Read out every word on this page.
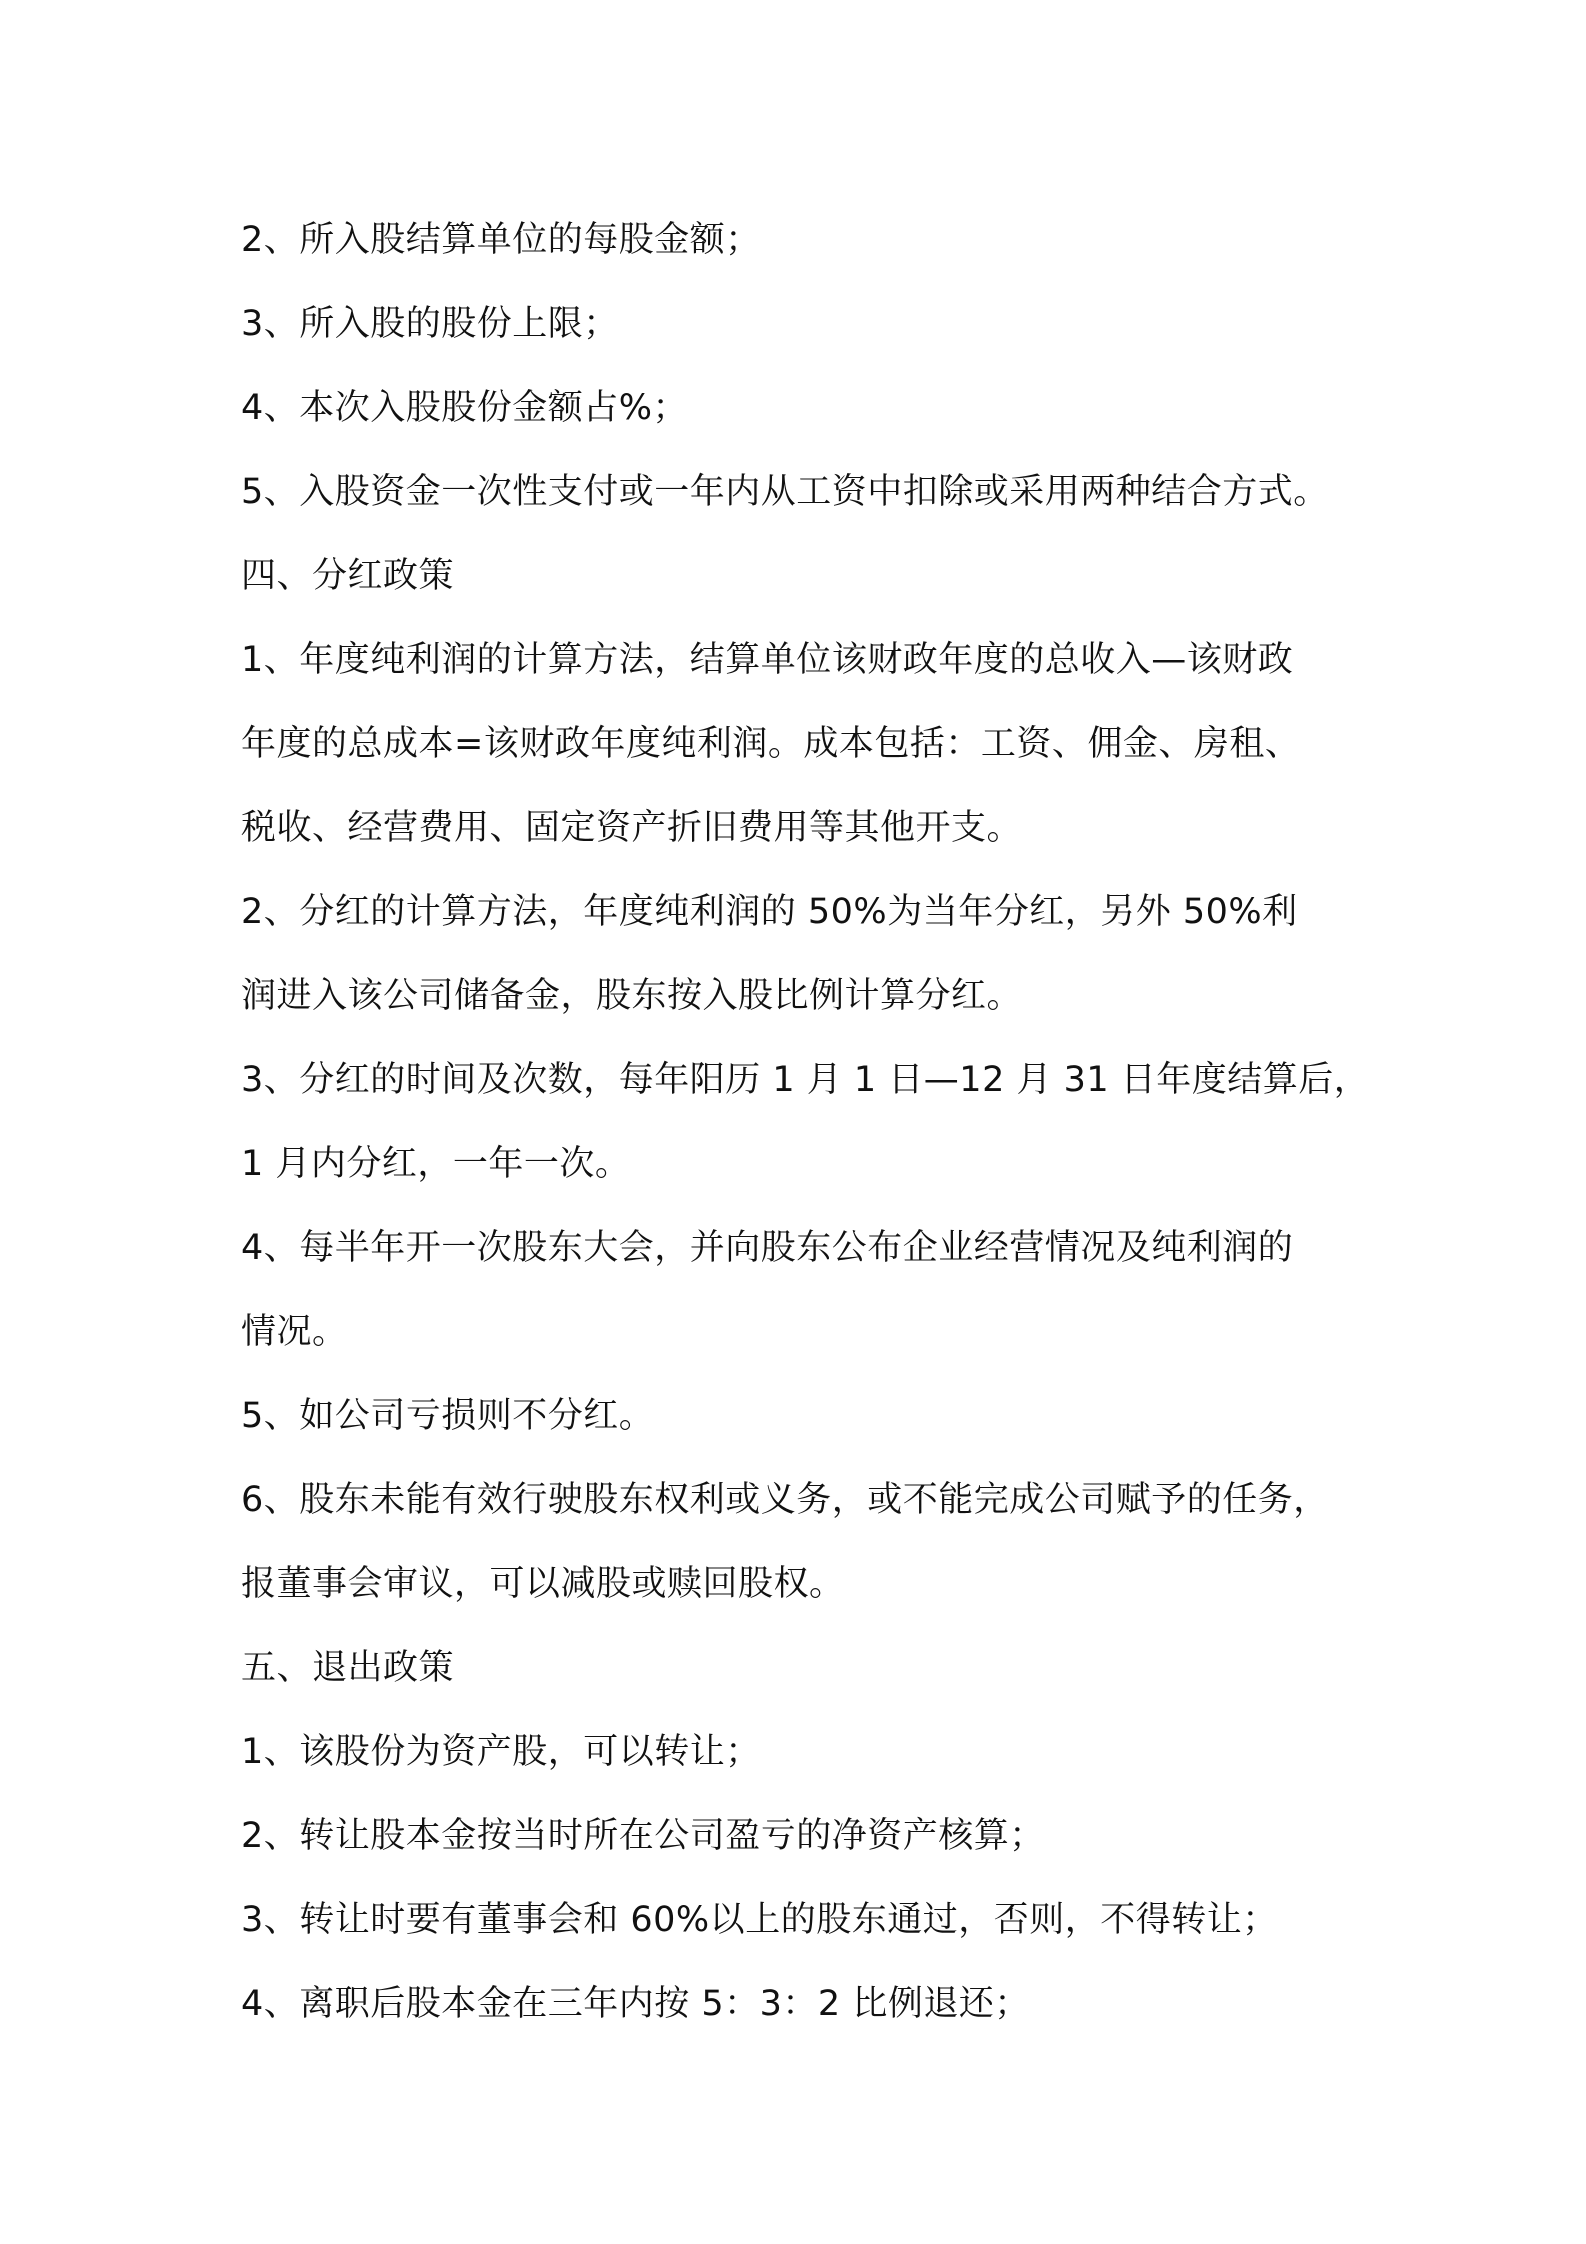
2、所入股结算单位的每股金额；
3、所入股的股份上限；
4、本次入股股份金额占%；
5、入股资金一次性支付或一年内从工资中扣除或采用两种结合方式。
四、分红政策
1、年度纯利润的计算方法，结算单位该财政年度的总收入—该财政
年度的总成本=该财政年度纯利润。成本包括：工资、佣金、房租、
税收、经营费用、固定资产折旧费用等其他开支。
2、分红的计算方法，年度纯利润的 50%为当年分红，另外 50%利
润进入该公司储备金，股东按入股比例计算分红。
3、分红的时间及次数，每年阳历 1 月 1 日—12 月 31 日年度结算后，
1 月内分红，一年一次。
4、每半年开一次股东大会，并向股东公布企业经营情况及纯利润的
情况。
5、如公司亏损则不分红。
6、股东未能有效行驶股东权利或义务，或不能完成公司赋予的任务，
报董事会审议，可以减股或赎回股权。
五、退出政策
1、该股份为资产股，可以转让；
2、转让股本金按当时所在公司盈亏的净资产核算；
3、转让时要有董事会和 60%以上的股东通过，否则，不得转让；
4、离职后股本金在三年内按 5：3：2 比例退还；
